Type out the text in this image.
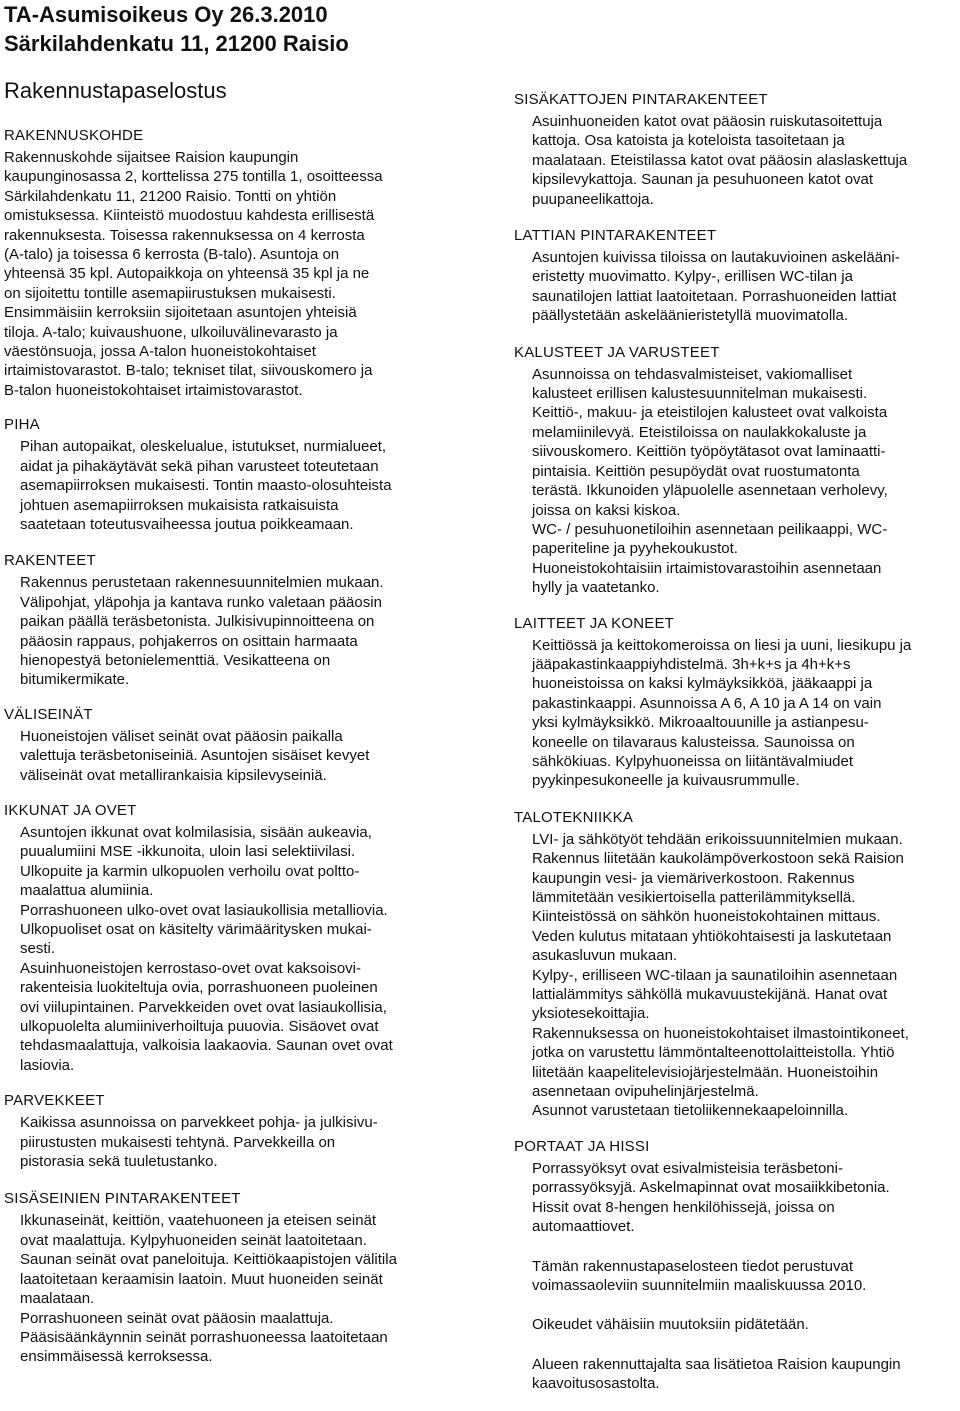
TA-Asumisoikeus Oy 26.3.2010
Särkilahdenkatu 11, 21200 Raisio
Rakennustapaselostus
RAKENNUSKOHDE
Rakennuskohde sijaitsee Raision kaupungin
kaupunginosassa 2, korttelissa 275 tontilla 1, osoitteessa
Särkilahdenkatu 11, 21200 Raisio. Tontti on yhtiön
omistuksessa. Kiinteistö muodostuu kahdesta erillisestä
rakennuksesta. Toisessa rakennuksessa on 4 kerrosta
(A-talo) ja toisessa 6 kerrosta (B-talo). Asuntoja on
yhteensä 35 kpl. Autopaikkoja on yhteensä 35 kpl ja ne
on sijoitettu tontille asemapiirustuksen mukaisesti.
Ensimmäisiin kerroksiin sijoitetaan asuntojen yhteisiä
tiloja. A-talo; kuivaushuone, ulkoiluvälinevarasto ja
väestönsuoja, jossa A-talon huoneistokohtaiset
irtaimistovarastot. B-talo; tekniset tilat, siivouskomero ja
B-talon huoneistokohtaiset irtaimistovarastot.
PIHA
Pihan autopaikat, oleskelualue, istutukset, nurmialueet,
aidat ja pihakäytävät sekä pihan varusteet toteutetaan
asemapiirroksen mukaisesti. Tontin maasto-olosuhteista
johtuen asemapiirroksen mukaisista ratkaisuista
saatetaan toteutusvaiheessa joutua poikkeamaan.
RAKENTEET
Rakennus perustetaan rakennesuunnitelmien mukaan.
Välipohjat, yläpohja ja kantava runko valetaan pääosin
paikan päällä teräsbetonista. Julkisivupinnoitteena on
pääosin rappaus, pohjakerros on osittain harmaata
hienopestyä betonielementtiä. Vesikatteena on
bitumikermikate.
VÄLISEINÄT
Huoneistojen väliset seinät ovat pääosin paikalla
valettuja teräsbetoniseiniä. Asuntojen sisäiset kevyet
väliseinät ovat metallirankaisia kipsilevyseiniä.
IKKUNAT JA OVET
Asuntojen ikkunat ovat kolmilasisia, sisään aukeavia,
puualumiini MSE -ikkunoita, uloin lasi selektiivilasi.
Ulkopuite ja karmin ulkopuolen verhoilu ovat poltto-
maalattua alumiinia.
Porrashuoneen ulko-ovet ovat lasiaukollisia metalliovia.
Ulkopuoliset osat on käsitelty värimääritysken mukai-
sesti.
Asuinhuoneistojen kerrostaso-ovet ovat kaksoisovi-
rakenteisia luokiteltuja ovia, porrashuoneen puoleinen
ovi viilupintainen. Parvekkeiden ovet ovat lasiaukollisia,
ulkopuolelta alumiiniverhoiltuja puuovia. Sisäovet ovat
tehdasmaalattuja, valkoisia laakaovia. Saunan ovet ovat
lasiovia.
PARVEKKEET
Kaikissa asunnoissa on parvekkeet pohja- ja julkisivu-
piirustusten mukaisesti tehtynä. Parvekkeilla on
pistorasia sekä tuuletustanko.
SISÄSEINIEN PINTARAKENTEET
Ikkunaseinät, keittiön, vaatehuoneen ja eteisen seinät
ovat maalattuja. Kylpyhuoneiden seinät laatoitetaan.
Saunan seinät ovat paneloituja. Keittiökaapistojen välitila
laatoitetaan keraamisin laatoin. Muut huoneiden seinät
maalataan.
Porrashuoneen seinät ovat pääosin maalattuja.
Pääsisäänkäynnin seinät porrashuoneessa laatoitetaan
ensimmäisessä kerroksessa.
SISÄKATTOJEN PINTARAKENTEET
Asuinhuoneiden katot ovat pääosin ruiskutasoitettuja
kattoja. Osa katoista ja koteloista tasoitetaan ja
maalataan. Eteistilassa katot ovat pääosin alaslaskettuja
kipsilevykattoja. Saunan ja pesuhuoneen katot ovat
puupaneelikattoja.
LATTIAN PINTARAKENTEET
Asuntojen kuivissa tiloissa on lautakuvioinen askelääni-
eristetty muovimatto. Kylpy-, erillisen WC-tilan ja
saunatilojen lattiat laatoitetaan. Porrashuoneiden lattiat
päällystetään askeläänieristetyllä muovimatolla.
KALUSTEET JA VARUSTEET
Asunnoissa on tehdasvalmisteiset, vakiomalliset
kalusteet erillisen kalustesuunnitelman mukaisesti.
Keittiö-, makuu- ja eteistilojen kalusteet ovat valkoista
melamiinilevyä. Eteistiloissa on naulakkokaluste ja
siivouskomero. Keittiön työpöytätasot ovat laminaatti-
pintaisia. Keittiön pesupöydät ovat ruostumatonta
terästä. Ikkunoiden yläpuolelle asennetaan verholevy,
joissa on kaksi kiskoa.
WC- / pesuhuonetiloihin asennetaan peilikaappi, WC-
paperiteline ja pyyhekoukustot.
Huoneistokohtaisiin irtaimistovarastoihin asennetaan
hylly ja vaatetanko.
LAITTEET JA KONEET
Keittiössä ja keittokomeroissa on liesi ja uuni, liesikupu ja
jääpakastinkaappiyhdistelmä. 3h+k+s ja 4h+k+s
huoneistoissa on kaksi kylmäyksikköä, jääkaappi ja
pakastinkaappi. Asunnoissa A 6, A 10 ja A 14 on vain
yksi kylmäyksikkö. Mikroaaltouunille ja astianpesu-
koneelle on tilavaraus kalusteissa. Saunoissa on
sähkökiuas. Kylpyhuoneissa on liitäntävalmiudet
pyykinpesukoneelle ja kuivausrummulle.
TALOTEKNIIKKA
LVI- ja sähkötyöt tehdään erikoissuunnitelmien mukaan.
Rakennus liitetään kaukolämpöverkostoon sekä Raision
kaupungin vesi- ja viemäriverkostoon. Rakennus
lämmitetään vesikiertoisella patterilämmityksellä.
Kiinteistössä on sähkön huoneistokohtainen mittaus.
Veden kulutus mitataan yhtiökohtaisesti ja laskutetaan
asukasluvun mukaan.
Kylpy-, erilliseen WC-tilaan ja saunatiloihin asennetaan
lattialämmitys sähköllä mukavuustekijänä. Hanat ovat
yksiotesekoittajia.
Rakennuksessa on huoneistokohtaiset ilmastointikoneet,
jotka on varustettu lämmöntalteenottolaitteistolla. Yhtiö
liitetään kaapelitelevisiojärjestelmään. Huoneistoihin
asennetaan ovipuhelinjärjestelmä.
Asunnot varustetaan tietoliikennekaapeloinnilla.
PORTAAT JA HISSI
Porrassyöksyt ovat esivalmisteisia teräsbetoni-
porrassyöksyjä. Askelmapinnat ovat mosaiikkibetonia.
Hissit ovat 8-hengen henkilöhissejä, joissa on
automaattiovet.
Tämän rakennustapaselosteen tiedot perustuvat
voimassaoleviin suunnitelmiin maaliskuussa 2010.
Oikeudet vähäisiin muutoksiin pidätetään.
Alueen rakennuttajalta saa lisätietoa Raision kaupungin
kaavoitusosastolta.
